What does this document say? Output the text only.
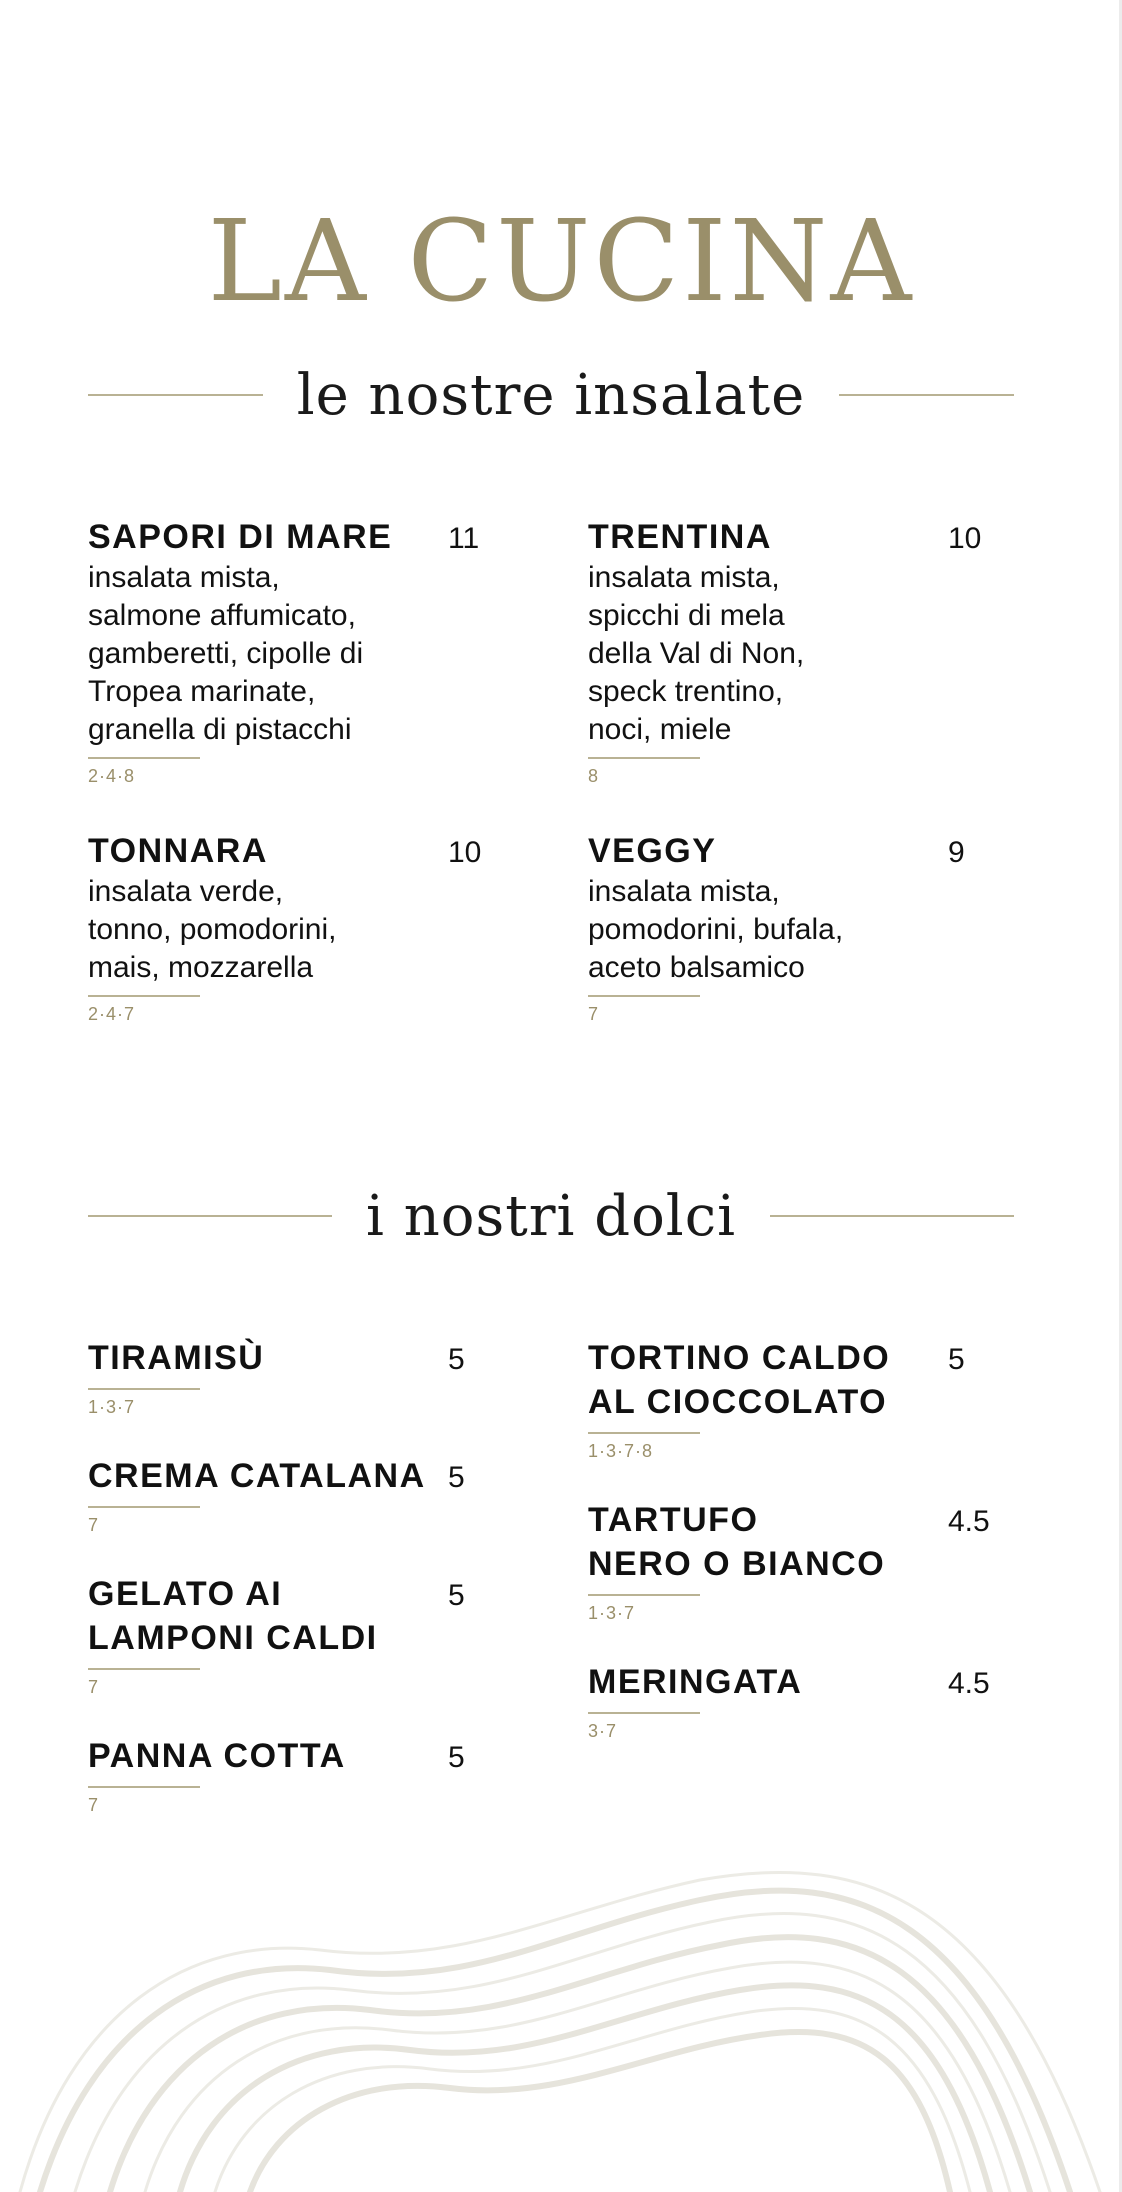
LA CUCINA
le nostre insalate
SAPORI DI MARE	11
insalata mista,
salmone affumicato,
gamberetti, cipolle di
Tropea marinate,
granella di pistacchi
2·4·8
TONNARA	10
insalata verde,
tonno, pomodorini,
mais, mozzarella
2·4·7
TRENTINA	10
insalata mista,
spicchi di mela
della Val di Non,
speck trentino,
noci, miele
8
VEGGY	9
insalata mista,
pomodorini, bufala,
aceto balsamico
7
i nostri dolci
TIRAMISÙ	5
1·3·7
CREMA CATALANA 5
7
GELATO AI
LAMPONI CALDI
5
7
PANNA COTTA	5
7
TORTINO CALDO
AL CIOCCOLATO
5
1·3·7·8
TARTUFO
NERO O BIANCO
4.5
1·3·7
MERINGATA	4.5
3·7
